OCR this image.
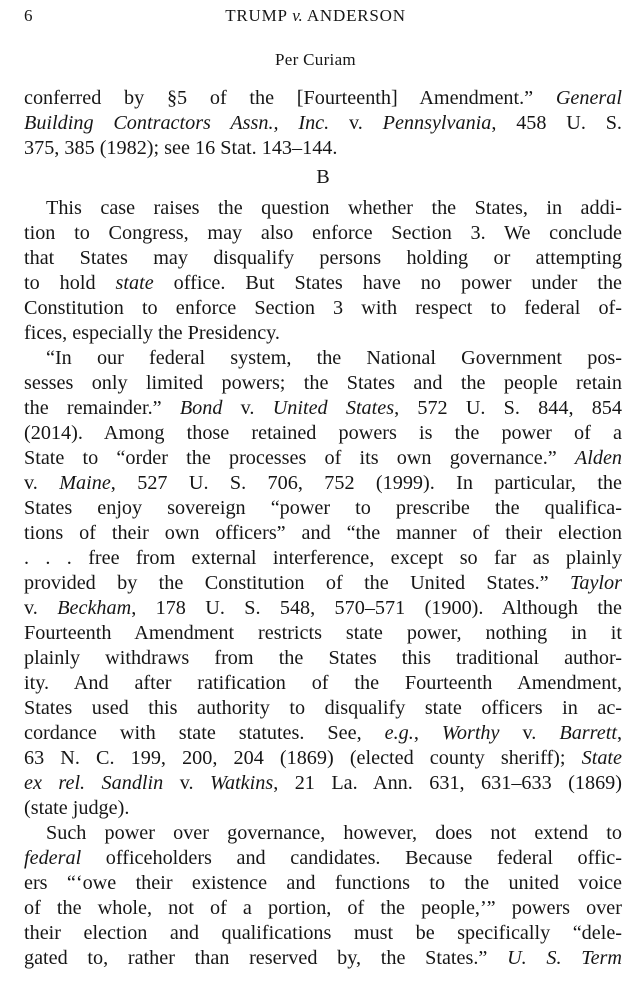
6	TRUMP v. ANDERSON
Per Curiam
conferred by §5 of the [Fourteenth] Amendment.” General
Building Contractors Assn., Inc. v. Pennsylvania, 458 U. S.
375, 385 (1982); see 16 Stat. 143–144.
B
This case raises the question whether the States, in addi-
tion to Congress, may also enforce Section 3. We conclude
that States may disqualify persons holding or attempting
to hold state office. But States have no power under the
Constitution to enforce Section 3 with respect to federal of-
fices, especially the Presidency.
“In our federal system, the National Government pos-
sesses only limited powers; the States and the people retain
the remainder.” Bond v. United States, 572 U. S. 844, 854
(2014). Among those retained powers is the power of a
State to “order the processes of its own governance.” Alden
v. Maine, 527 U. S. 706, 752 (1999). In particular, the
States enjoy sovereign “power to prescribe the qualifica-
tions of their own officers” and “the manner of their election
. . . free from external interference, except so far as plainly
provided by the Constitution of the United States.” Taylor
v. Beckham, 178 U. S. 548, 570–571 (1900). Although the
Fourteenth Amendment restricts state power, nothing in it
plainly withdraws from the States this traditional author-
ity. And after ratification of the Fourteenth Amendment,
States used this authority to disqualify state officers in ac-
cordance with state statutes. See, e.g., Worthy v. Barrett,
63 N. C. 199, 200, 204 (1869) (elected county sheriff); State
ex rel. Sandlin v. Watkins, 21 La. Ann. 631, 631–633 (1869)
(state judge).
Such power over governance, however, does not extend to
federal officeholders and candidates. Because federal offic-
ers “‘owe their existence and functions to the united voice
of the whole, not of a portion, of the people,’” powers over
their election and qualifications must be specifically “dele-
gated to, rather than reserved by, the States.” U. S. Term
